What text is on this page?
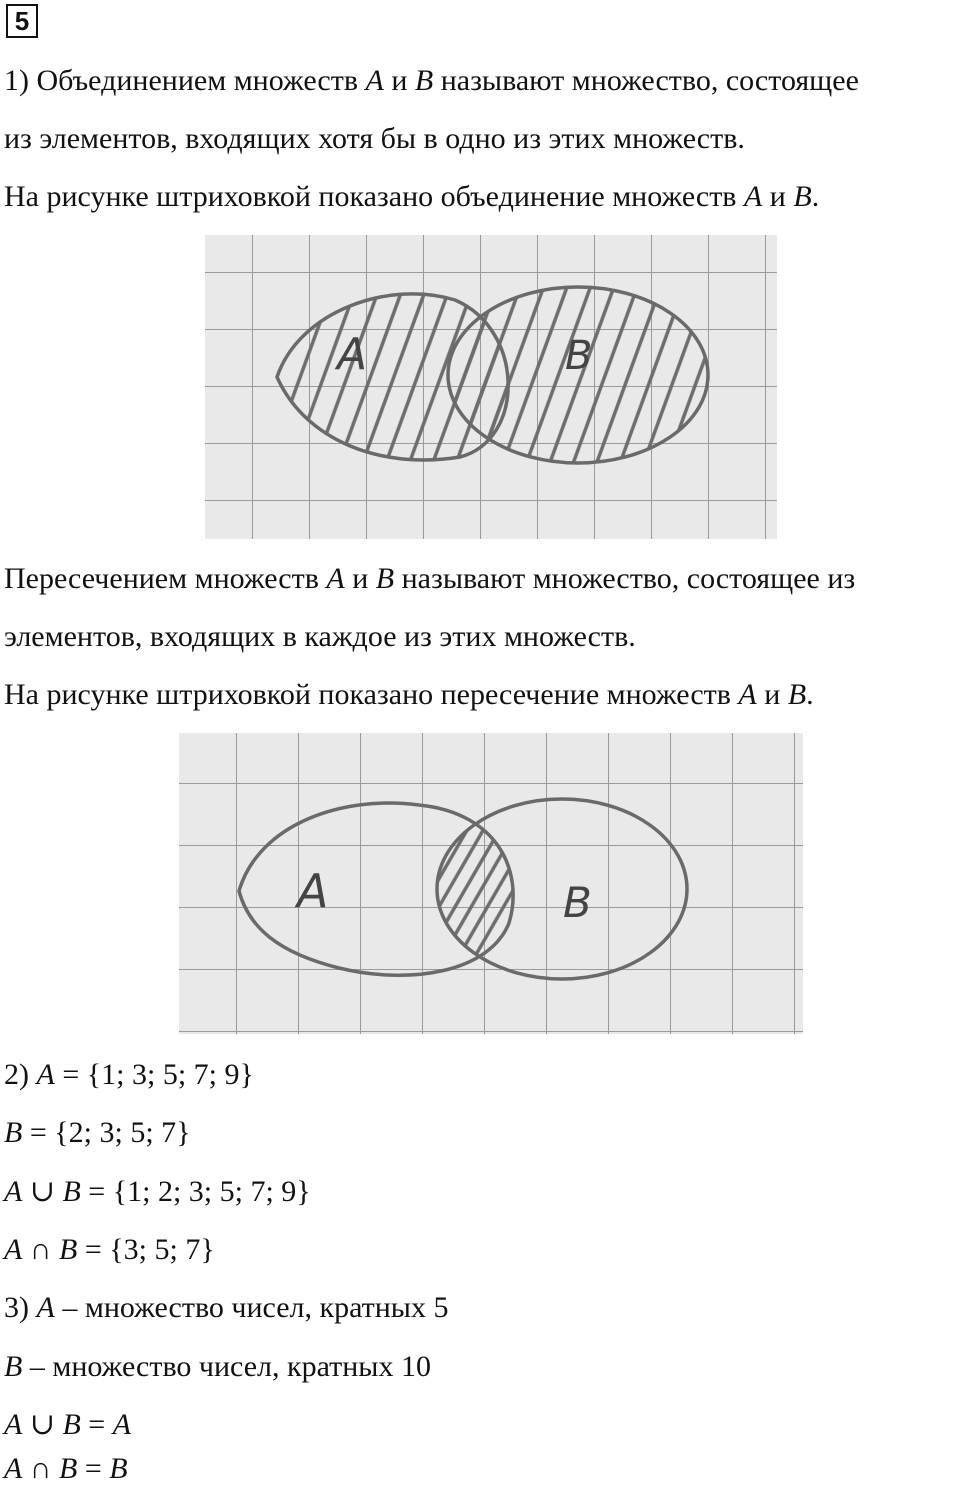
5
1) Объединением множеств A и B называют множество, состоящее
из элементов, входящих хотя бы в одно из этих множеств.
На рисунке штриховкой показано объединение множеств A и B.
A	B
Пересечением множеств A и B называют множество, состоящее из
элементов, входящих в каждое из этих множеств.
На рисунке штриховкой показано пересечение множеств A и B.
A	B
2) A = {1; 3; 5; 7; 9}
B = {2; 3; 5; 7}
A ∪ B = {1; 2; 3; 5; 7; 9}
A ∩ B = {3; 5; 7}
3) A – множество чисел, кратных 5
B – множество чисел, кратных 10
A ∪ B = A
A ∩ B = B
